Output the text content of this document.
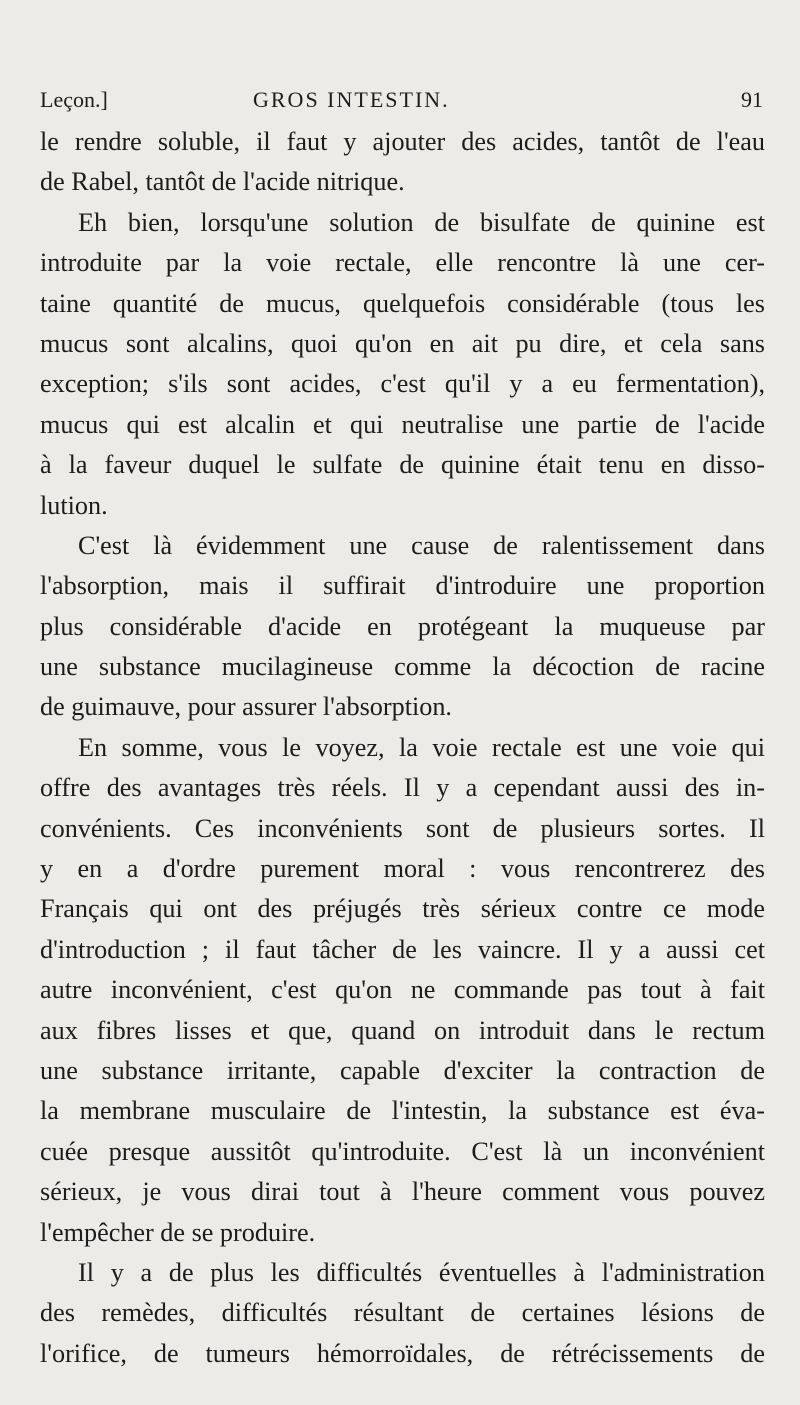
Leçon.]	GROS INTESTIN.	91
le rendre soluble, il faut y ajouter des acides, tantôt de l'eau
de Rabel, tantôt de l'acide nitrique.
Eh bien, lorsqu'une solution de bisulfate de quinine est
introduite par la voie rectale, elle rencontre là une cer-
taine quantité de mucus, quelquefois considérable (tous les
mucus sont alcalins, quoi qu'on en ait pu dire, et cela sans
exception; s'ils sont acides, c'est qu'il y a eu fermentation),
mucus qui est alcalin et qui neutralise une partie de l'acide
à la faveur duquel le sulfate de quinine était tenu en disso-
lution.
C'est là évidemment une cause de ralentissement dans
l'absorption, mais il suffirait d'introduire une proportion
plus considérable d'acide en protégeant la muqueuse par
une substance mucilagineuse comme la décoction de racine
de guimauve, pour assurer l'absorption.
En somme, vous le voyez, la voie rectale est une voie qui
offre des avantages très réels. Il y a cependant aussi des in-
convénients. Ces inconvénients sont de plusieurs sortes. Il
y en a d'ordre purement moral : vous rencontrerez des
Français qui ont des préjugés très sérieux contre ce mode
d'introduction ; il faut tâcher de les vaincre. Il y a aussi cet
autre inconvénient, c'est qu'on ne commande pas tout à fait
aux fibres lisses et que, quand on introduit dans le rectum
une substance irritante, capable d'exciter la contraction de
la membrane musculaire de l'intestin, la substance est éva-
cuée presque aussitôt qu'introduite. C'est là un inconvénient
sérieux, je vous dirai tout à l'heure comment vous pouvez
l'empêcher de se produire.
Il y a de plus les difficultés éventuelles à l'administration
des remèdes, difficultés résultant de certaines lésions de
l'orifice, de tumeurs hémorroïdales, de rétrécissements de
